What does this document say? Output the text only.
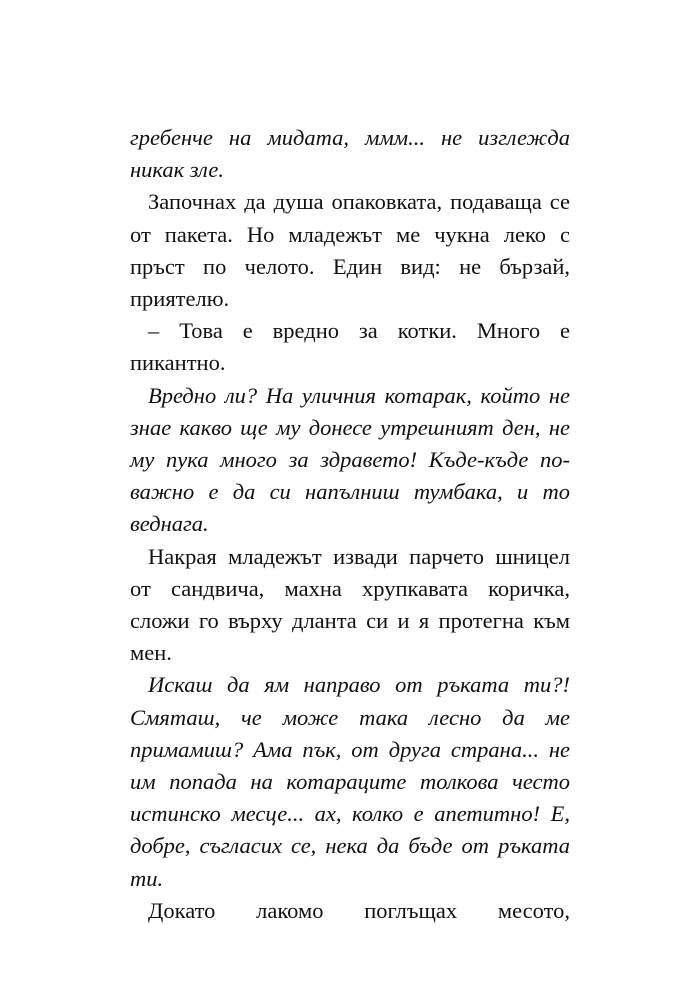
гребенче на мидата, ммм... не изглежда никак зле.

Започнах да душа опаковката, подаваща се от пакета. Но младежът ме чукна леко с пръст по челото. Един вид: не бързай, приятелю.

– Това е вредно за котки. Много е пикантно.

Вредно ли? На уличния котарак, който не знае какво ще му донесе утрешният ден, не му пука много за здравето! Къде-къде по-важно е да си напълниш тумбака, и то веднага.

Накрая младежът извади парчето шницел от сандвича, махна хрупкавата коричка, сложи го върху дланта си и я протегна към мен.

Искаш да ям направо от ръката ти?! Смяташ, че може така лесно да ме примамиш? Ама пък, от друга страна... не им попада на котараците толкова често истинско месце... ах, колко е апетитно! Е, добре, съгласих се, нека да бъде от ръката ти.

Докато лакомо поглъщах месото,
